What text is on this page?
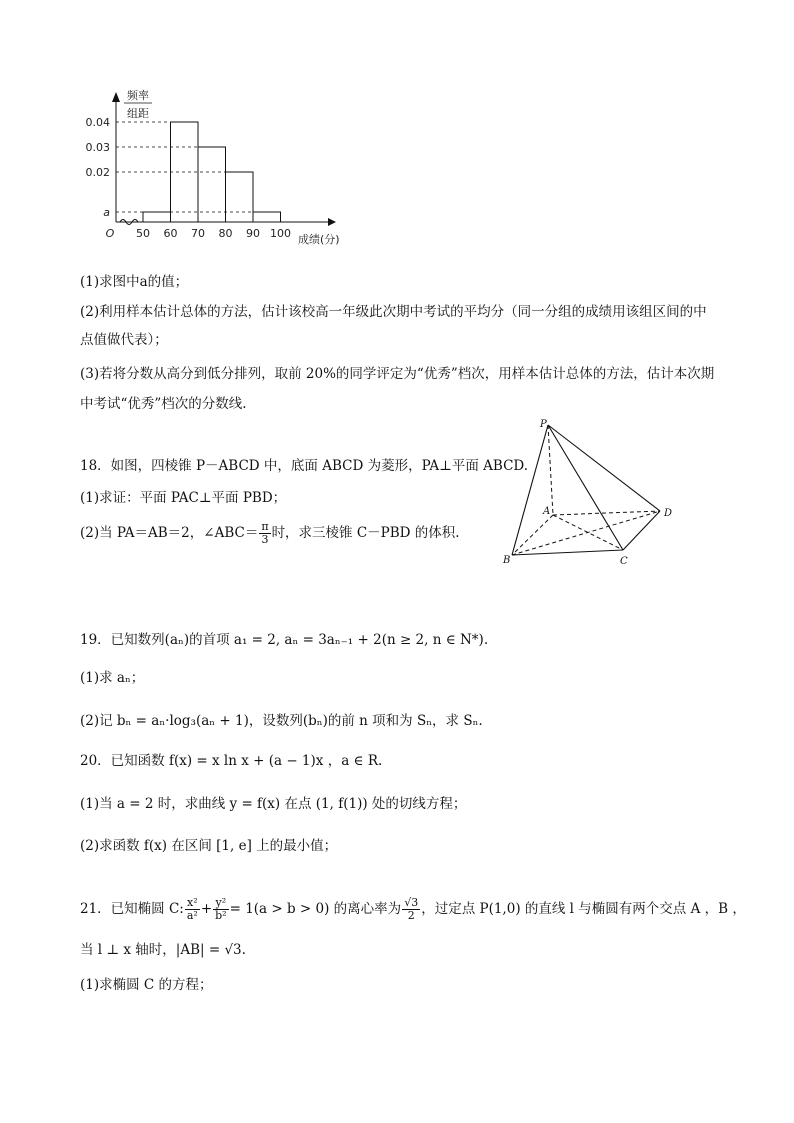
a
0.02
0.03
0.04
50 60 70 80 90 100
O	成绩(分)
频率
组距
(1)求图中a的值；
(2)利用样本估计总体的方法，估计该校高一年级此次期中考试的平均分（同一分组的成绩用该组区间的中
点值做代表）；
(3)若将分数从高分到低分排列，取前 20%的同学评定为“优秀”档次，用样本估计总体的方法，估计本次期
中考试“优秀”档次的分数线.
18．如图，四棱锥 P－ABCD 中，底面 ABCD 为菱形，PA⊥平面 ABCD.
(1)求证：平面 PAC⊥平面 PBD；
(2)当 PA＝AB＝2，∠ABC＝ $\frac{\pi}{3}$ 时，求三棱锥 C－PBD 的体积.
P
A
B	C
D
19．已知数列(aₙ)的首项 a₁ = 2, aₙ = 3aₙ₋₁ + 2(n ≥ 2, n ∈ N*).
(1)求 aₙ；
(2)记 bₙ = aₙ·log₃(aₙ + 1)，设数列(bₙ)的前 n 项和为 Sₙ，求 Sₙ.
20．已知函数 f(x) = x ln x + (a − 1)x ，a ∈ R.
(1)当 a = 2 时，求曲线 y = f(x) 在点 (1, f(1)) 处的切线方程；
(2)求函数 f(x) 在区间 [1, e] 上的最小值；
21．已知椭圆 C: $\frac{\text{x²}}{\text{a²}} + \frac{\text{y²}}{\text{b²}} = 1(a > b > 0)$ 的离心率为 $\frac{√3}{2}$ ，过定点 P(1,0) 的直线 l 与椭圆有两个交点 A ，B ，
当 l ⊥ x 轴时，|AB| = √3.
(1)求椭圆 C 的方程；
